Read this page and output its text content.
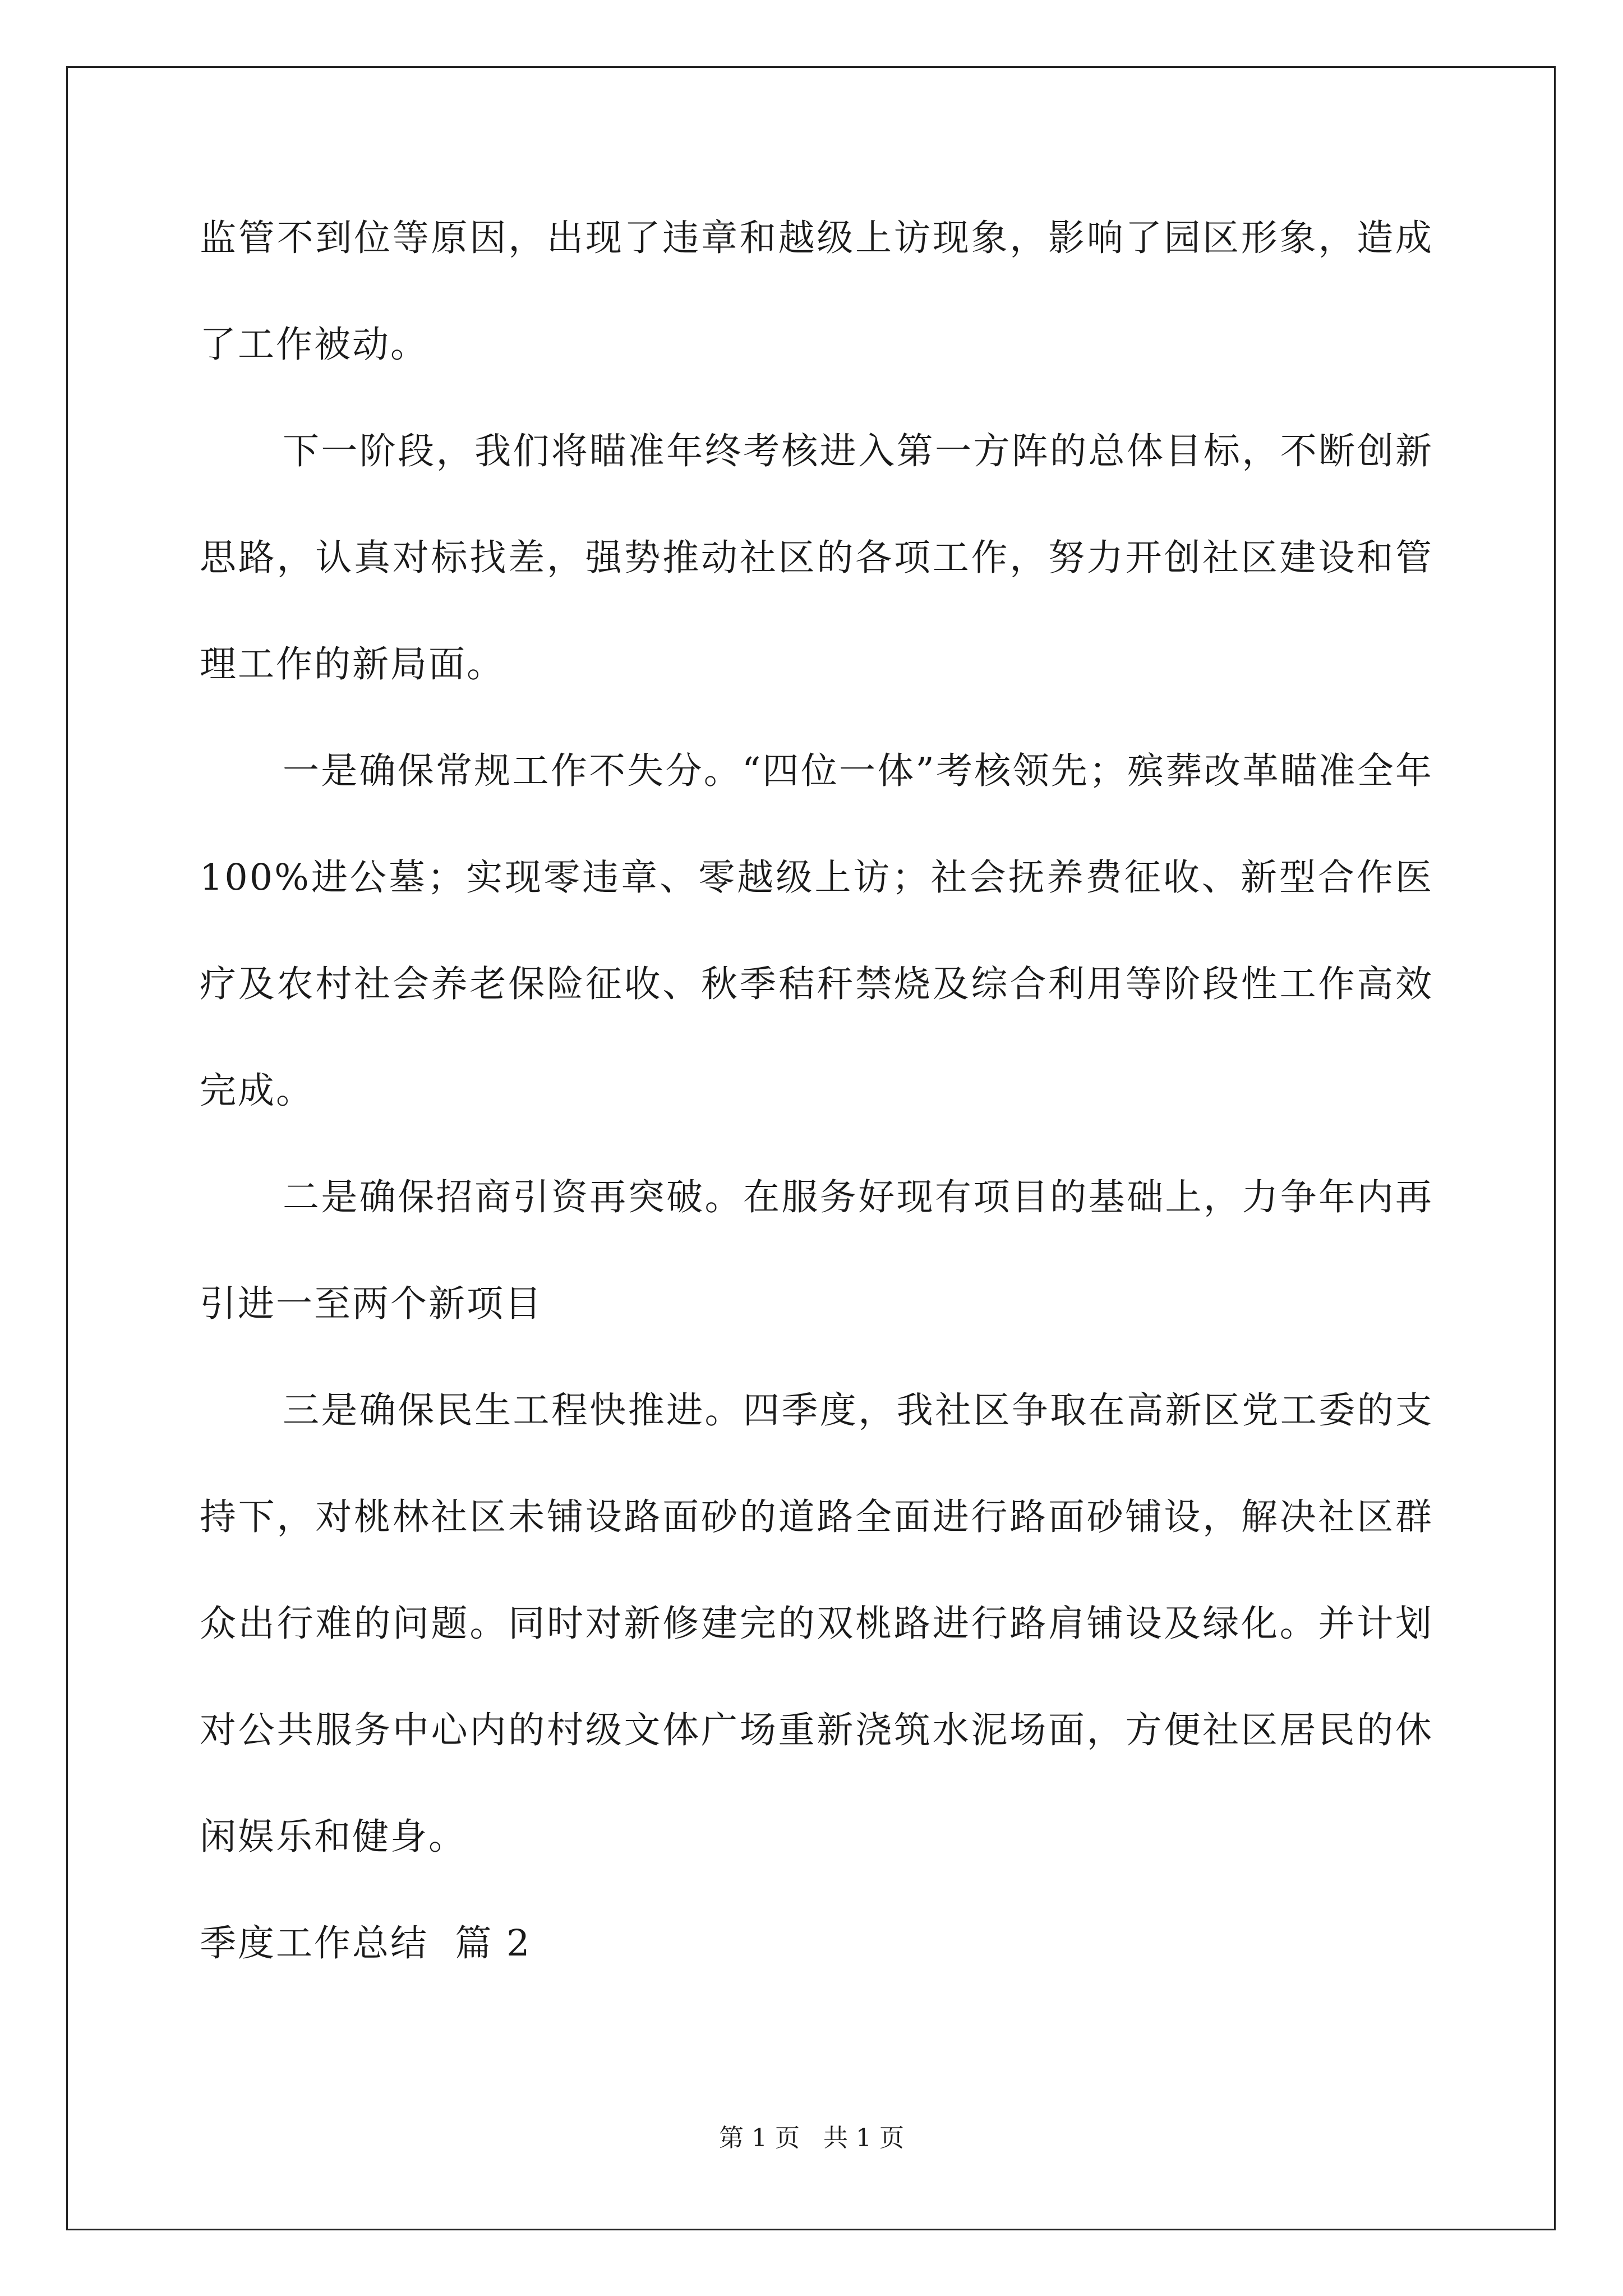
监管不到位等原因，出现了违章和越级上访现象，影响了园区形象，造成了工作被动。

下一阶段，我们将瞄准年终考核进入第一方阵的总体目标，不断创新思路，认真对标找差，强势推动社区的各项工作，努力开创社区建设和管理工作的新局面。

一是确保常规工作不失分。“四位一体”考核领先；殡葬改革瞄准全年100%进公墓；实现零违章、零越级上访；社会抚养费征收、新型合作医疗及农村社会养老保险征收、秋季秸秆禁烧及综合利用等阶段性工作高效完成。

二是确保招商引资再突破。在服务好现有项目的基础上，力争年内再引进一至两个新项目

三是确保民生工程快推进。四季度，我社区争取在高新区党工委的支持下，对桃林社区未铺设路面砂的道路全面进行路面砂铺设，解决社区群众出行难的问题。同时对新修建完的双桃路进行路肩铺设及绿化。并计划对公共服务中心内的村级文体广场重新浇筑水泥场面，方便社区居民的休闲娱乐和健身。

季度工作总结  篇 2

第 1 页   共 1 页
